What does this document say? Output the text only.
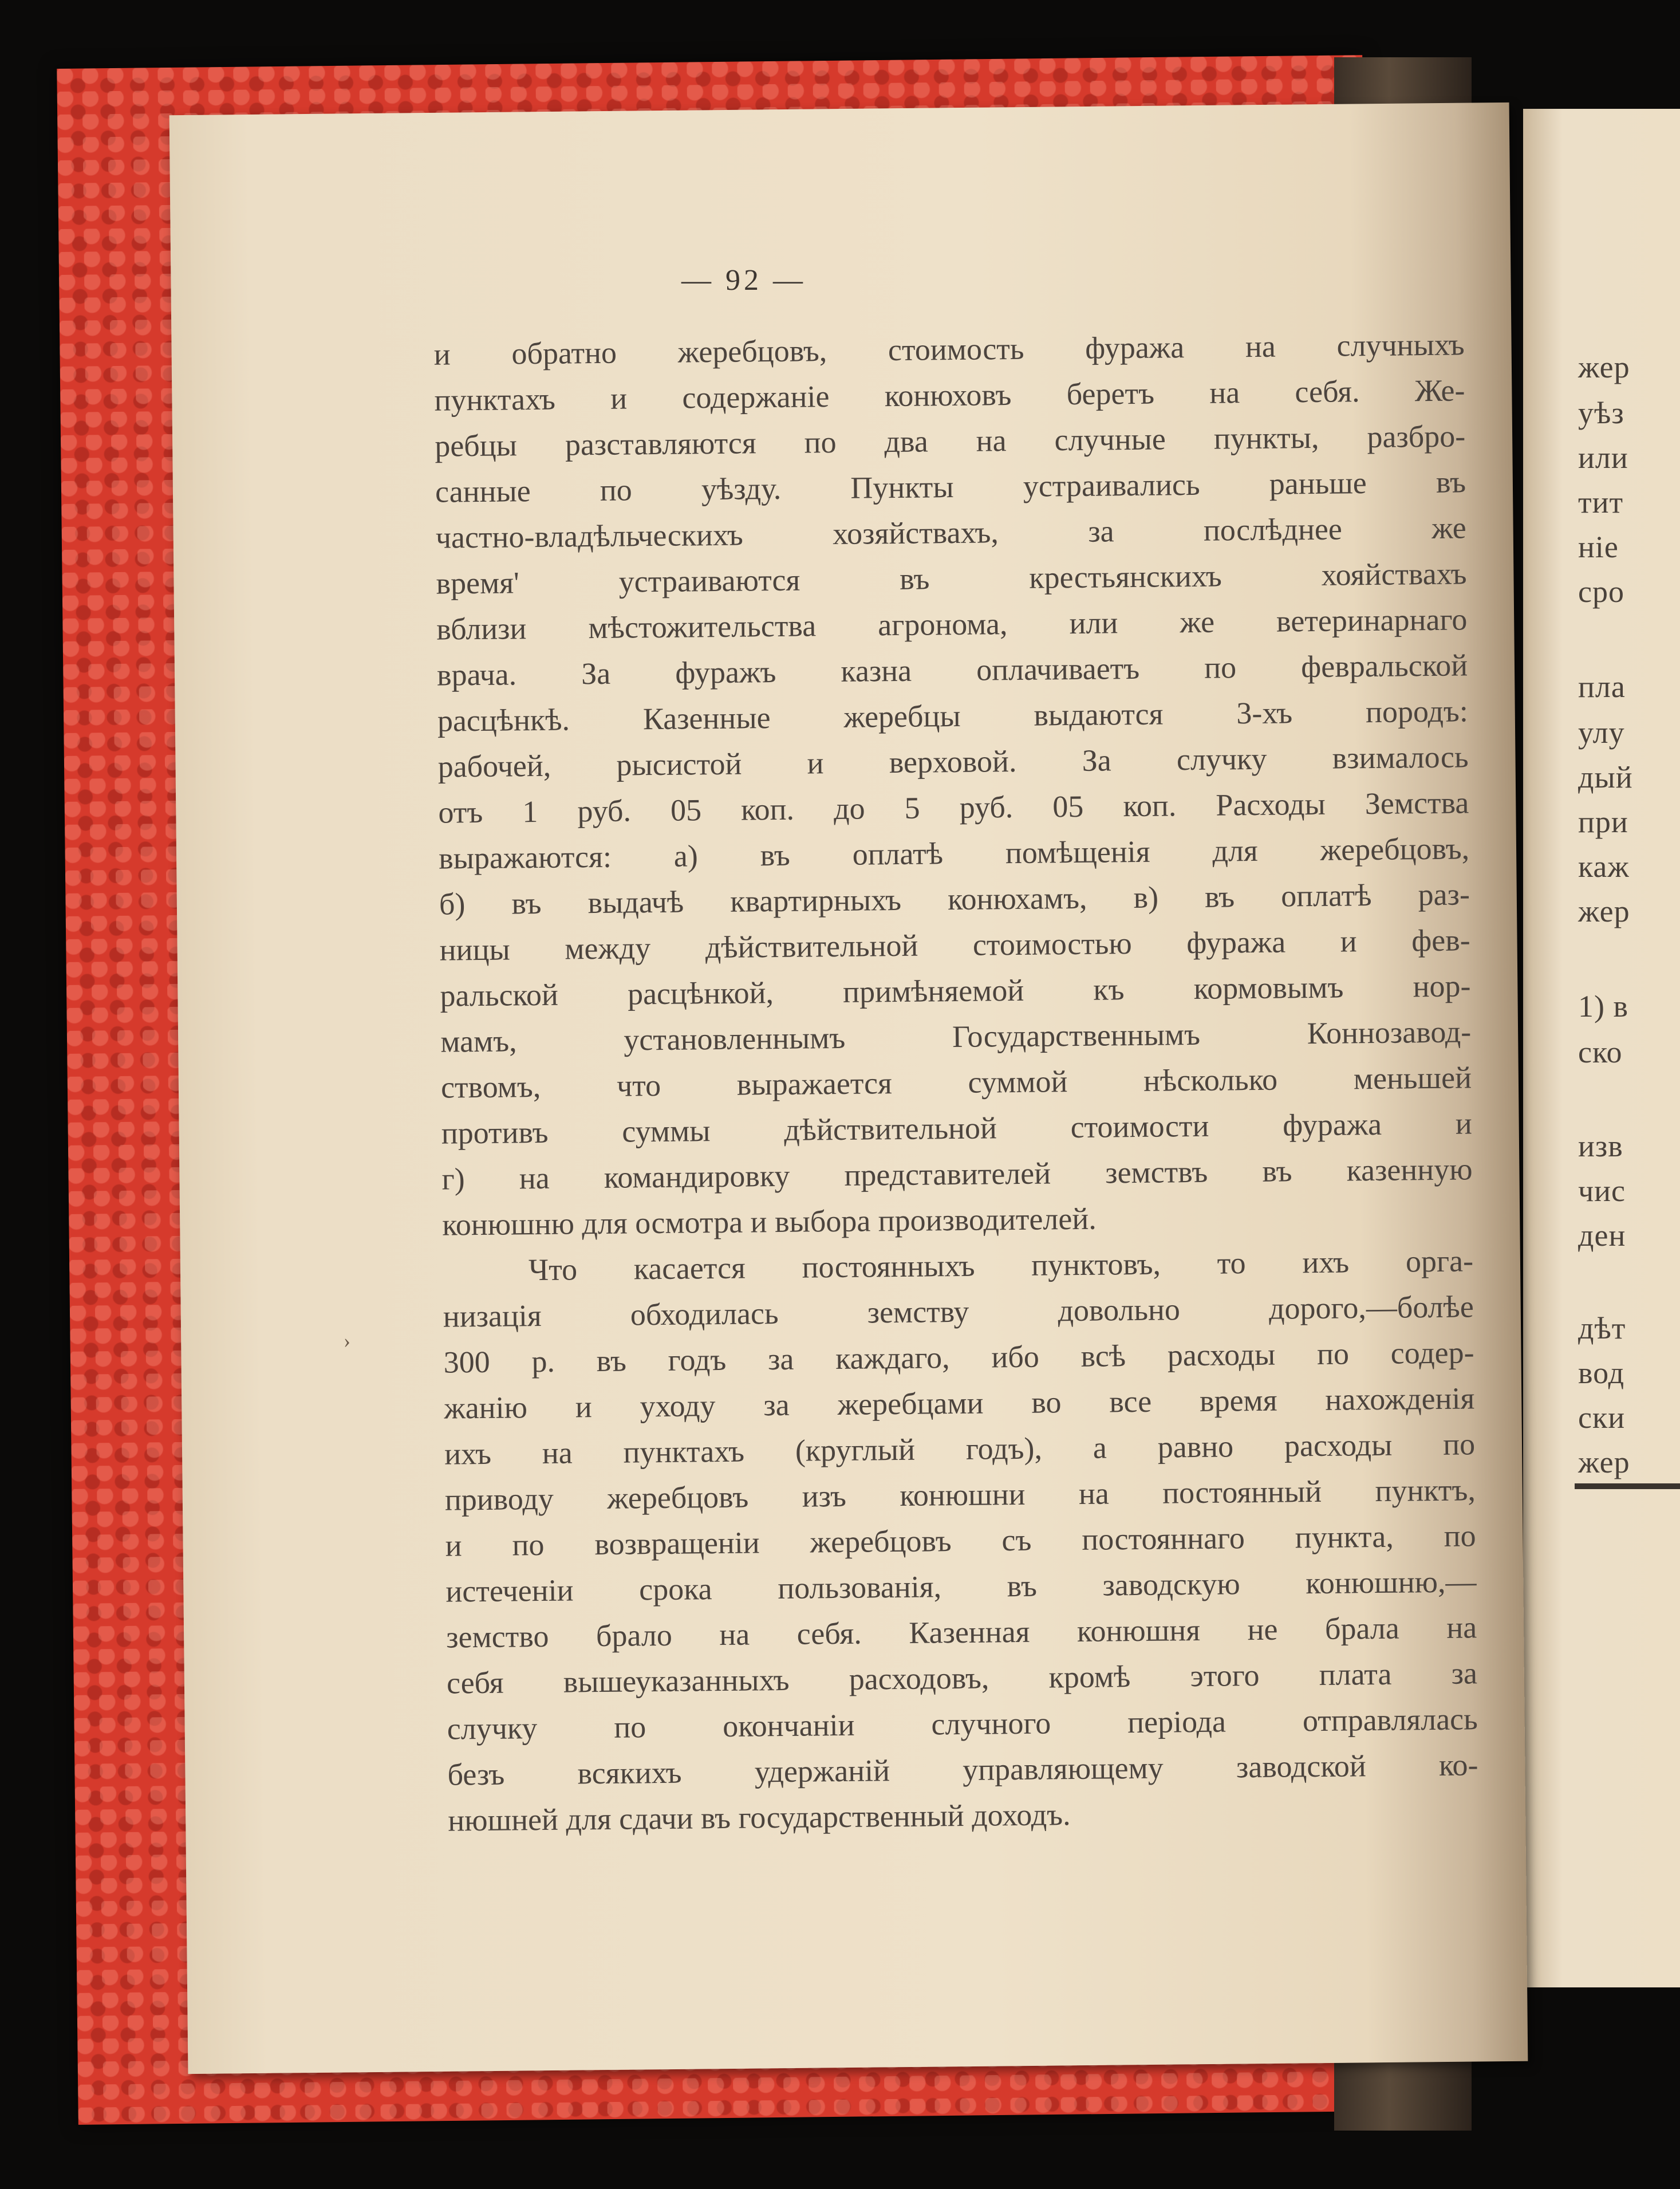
жер
уѣз
или
тит
ніе
сро
пла
улу
дый
при
каж
жер
1) в
ско
изв
чис
ден
дѣт
вод
ски
жер
— 92 —
›
и обратно жеребцовъ, стоимость фуража на случныхъ
пунктахъ и содержаніе конюховъ беретъ на себя. Же-
ребцы разставляются по два на случные пункты, разбро-
санные по уѣзду. Пункты устраивались раньше въ
частно-владѣльческихъ хозяйствахъ, за послѣднее же
время' устраиваются въ крестьянскихъ хояйствахъ
вблизи мѣстожительства агронома, или же ветеринарнаго
врача. За фуражъ казна оплачиваетъ по февральской
расцѣнкѣ. Казенные жеребцы выдаются 3-хъ породъ:
рабочей, рысистой и верховой. За случку взималось
отъ 1 руб. 05 коп. до 5 руб. 05 коп. Расходы Земства
выражаются: а) въ оплатѣ помѣщенія для жеребцовъ,
б) въ выдачѣ квартирныхъ конюхамъ, в) въ оплатѣ раз-
ницы между дѣйствительной стоимостью фуража и фев-
ральской расцѣнкой, примѣняемой къ кормовымъ нор-
мамъ, установленнымъ Государственнымъ Коннозавод-
ствомъ, что выражается суммой нѣсколько меньшей
противъ суммы дѣйствительной стоимости фуража и
г) на командировку представителей земствъ въ казенную
конюшню для осмотра и выбора производителей.
Что касается постоянныхъ пунктовъ, то ихъ орга-
низація обходилась земству довольно дорого,—болѣе
300 р. въ годъ за каждаго, ибо всѣ расходы по содер-
жанію и уходу за жеребцами во все время нахожденія
ихъ на пунктахъ (круглый годъ), а равно расходы по
приводу жеребцовъ изъ конюшни на постоянный пунктъ,
и по возвращеніи жеребцовъ съ постояннаго пункта, по
истеченіи срока пользованія, въ заводскую конюшню,—
земство брало на себя. Казенная конюшня не брала на
себя вышеуказанныхъ расходовъ, кромѣ этого плата за
случку по окончаніи случного періода отправлялась
безъ всякихъ удержаній управляющему заводской ко-
нюшней для сдачи въ государственный доходъ.
